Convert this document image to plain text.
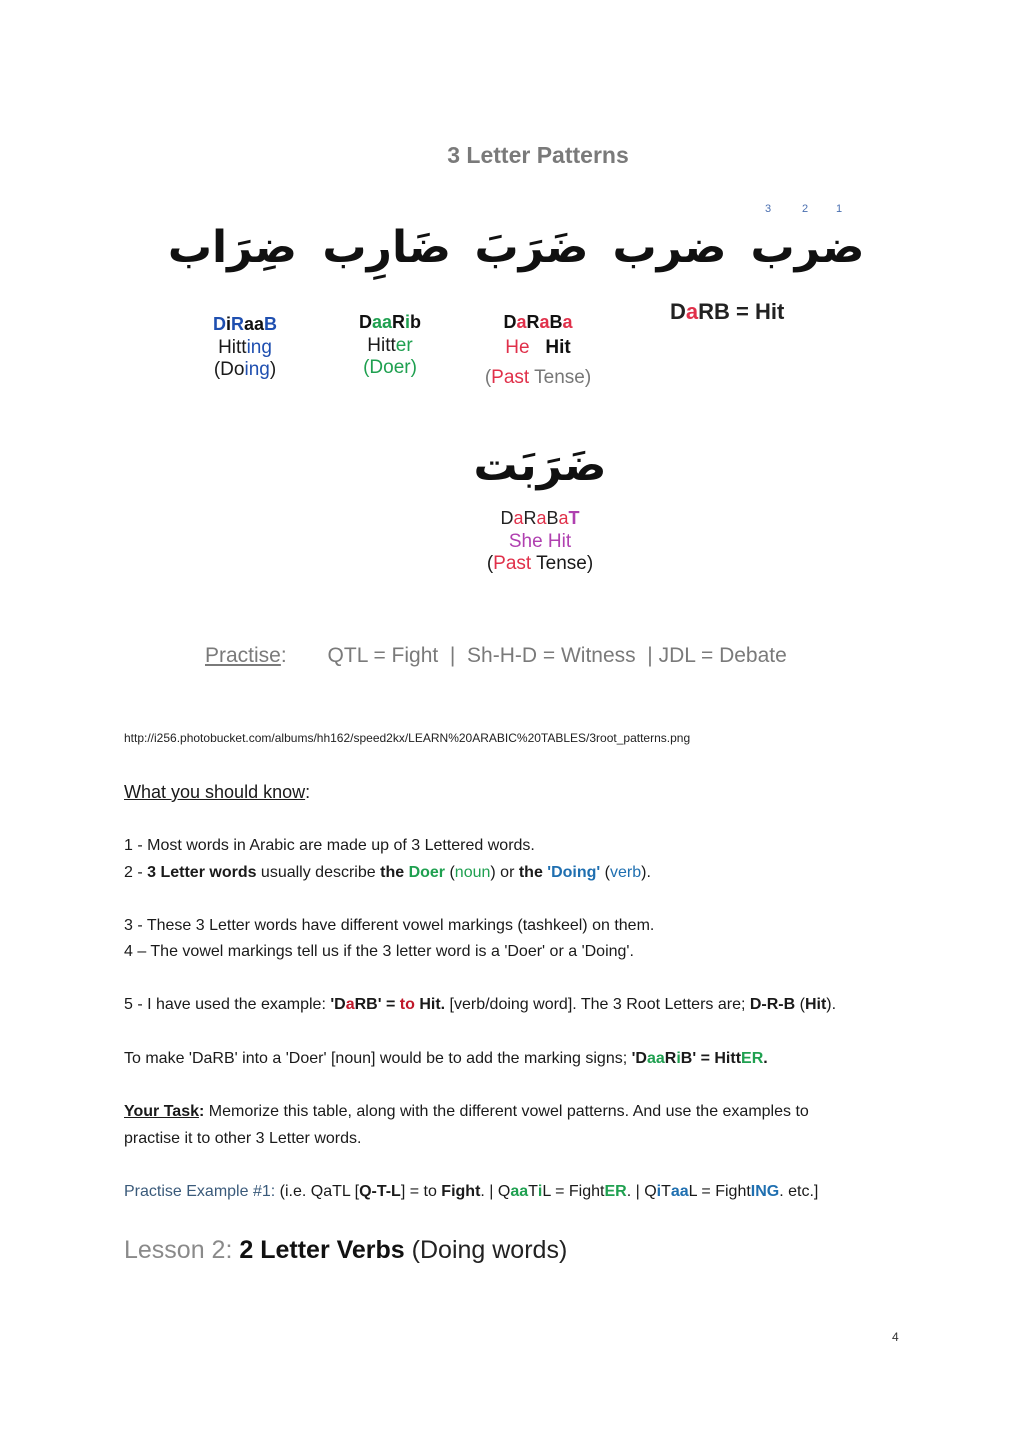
3 Letter Patterns
3	2	1
ضِرَاب ضَارِب ضَرَبَ ضرب ضرب
DiRaaB
Hitting
(Doing)
DaaRib
Hitter
(Doer)
DaRaBa
He Hit
(Past Tense)
DaRB = Hit
ضَرَبَت
DaRaBaT
She Hit
(Past Tense)
Practise:       QTL = Fight  |  Sh-H-D = Witness  | JDL = Debate
http://i256.photobucket.com/albums/hh162/speed2kx/LEARN%20ARABIC%20TABLES/3root_patterns.png
What you should know:
1 - Most words in Arabic are made up of 3 Lettered words.
2 - 3 Letter words usually describe the Doer (noun) or the 'Doing' (verb).
3 - These 3 Letter words have different vowel markings (tashkeel) on them.
4 – The vowel markings tell us if the 3 letter word is a 'Doer' or a 'Doing'.
5 - I have used the example: 'DaRB' = to Hit. [verb/doing word]. The 3 Root Letters are; D-R-B (Hit).
To make 'DaRB' into a 'Doer' [noun] would be to add the marking signs; 'DaaRiB' = HittER.
Your Task: Memorize this table, along with the different vowel patterns. And use the examples to
practise it to other 3 Letter words.
Practise Example #1: (i.e. QaTL [Q-T-L] = to Fight. | QaaTiL = FightER. | QiTaaL = FightING. etc.]
Lesson 2: 2 Letter Verbs (Doing words)
4
